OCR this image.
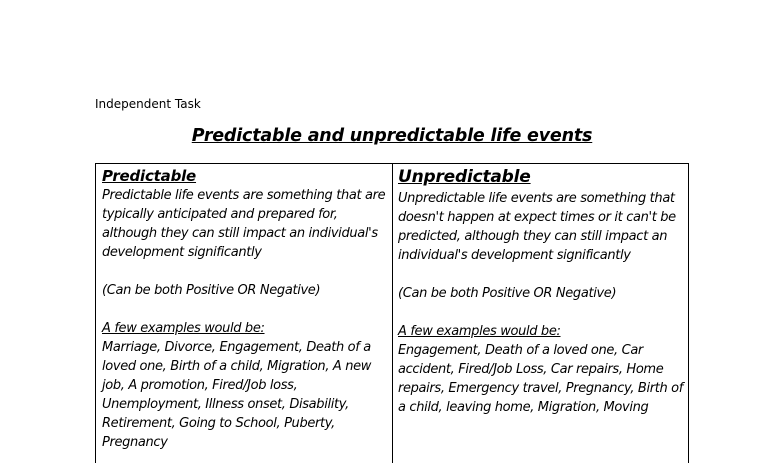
Independent Task
Predictable and unpredictable life events

Predictable

Predictable life events are something that are typically anticipated and prepared for, although they can still impact an individual's development significantly

(Can be both Positive OR Negative)

A few examples would be:

Marriage, Divorce, Engagement, Death of a loved one, Birth of a child, Migration, A new job, A promotion, Fired/Job loss, Unemployment, Illness onset, Disability, Retirement, Going to School, Puberty, Pregnancy

Unpredictable

Unpredictable life events are something that doesn't happen at expect times or it can't be predicted, although they can still impact an individual's development significantly

(Can be both Positive OR Negative)

A few examples would be:

Engagement, Death of a loved one, Car accident, Fired/Job Loss, Car repairs, Home repairs, Emergency travel, Pregnancy, Birth of a child, leaving home, Migration, Moving
